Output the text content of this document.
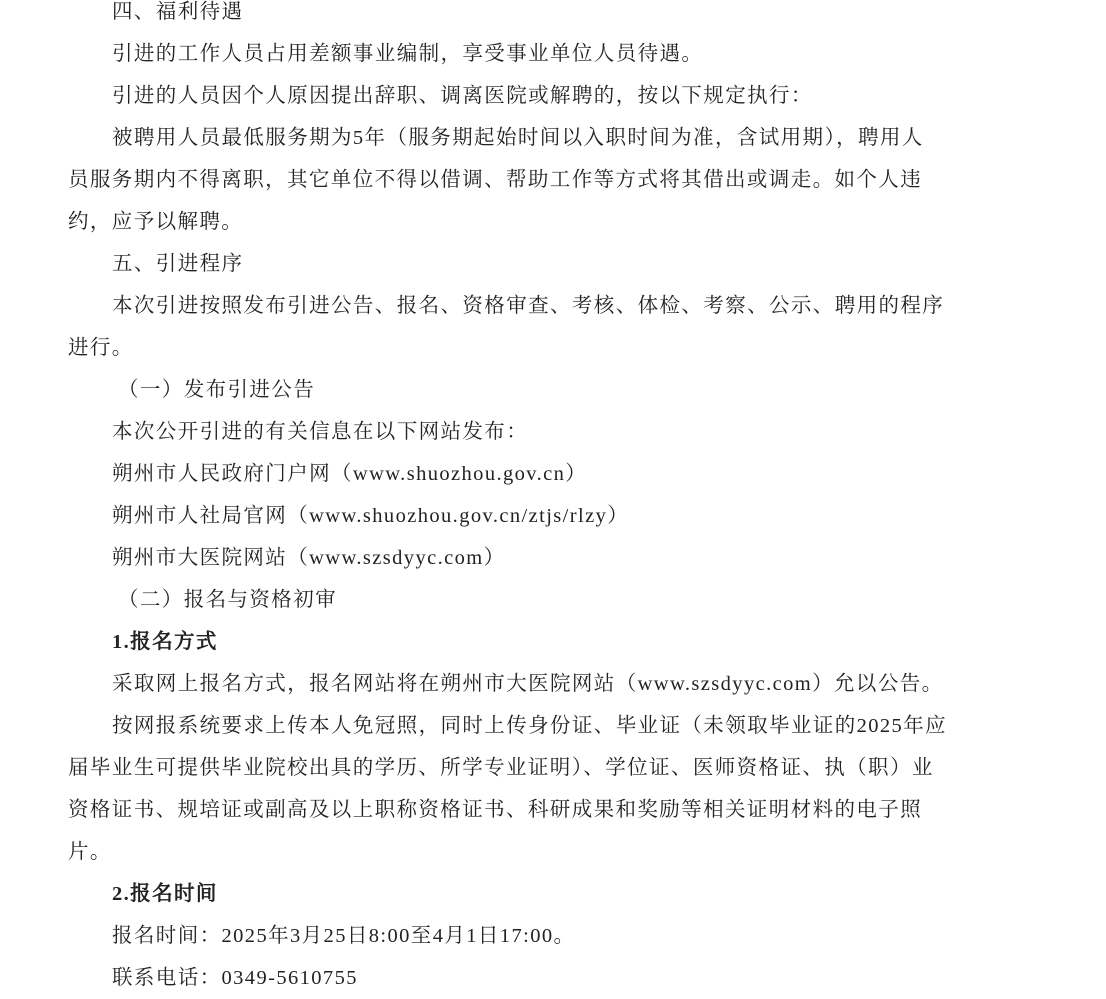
四、福利待遇
引进的工作人员占用差额事业编制，享受事业单位人员待遇。
引进的人员因个人原因提出辞职、调离医院或解聘的，按以下规定执行：
被聘用人员最低服务期为5年（服务期起始时间以入职时间为准，含试用期），聘用人
员服务期内不得离职，其它单位不得以借调、帮助工作等方式将其借出或调走。如个人违
约，应予以解聘。
五、引进程序
本次引进按照发布引进公告、报名、资格审查、考核、体检、考察、公示、聘用的程序
进行。
（一）发布引进公告
本次公开引进的有关信息在以下网站发布：
朔州市人民政府门户网（www.shuozhou.gov.cn）
朔州市人社局官网（www.shuozhou.gov.cn/ztjs/rlzy）
朔州市大医院网站（www.szsdyyc.com）
（二）报名与资格初审
1.报名方式
采取网上报名方式，报名网站将在朔州市大医院网站（www.szsdyyc.com）允以公告。
按网报系统要求上传本人免冠照，同时上传身份证、毕业证（未领取毕业证的2025年应
届毕业生可提供毕业院校出具的学历、所学专业证明）、学位证、医师资格证、执（职）业
资格证书、规培证或副高及以上职称资格证书、科研成果和奖励等相关证明材料的电子照
片。
2.报名时间
报名时间：2025年3月25日8:00至4月1日17:00。
联系电话：0349-5610755
